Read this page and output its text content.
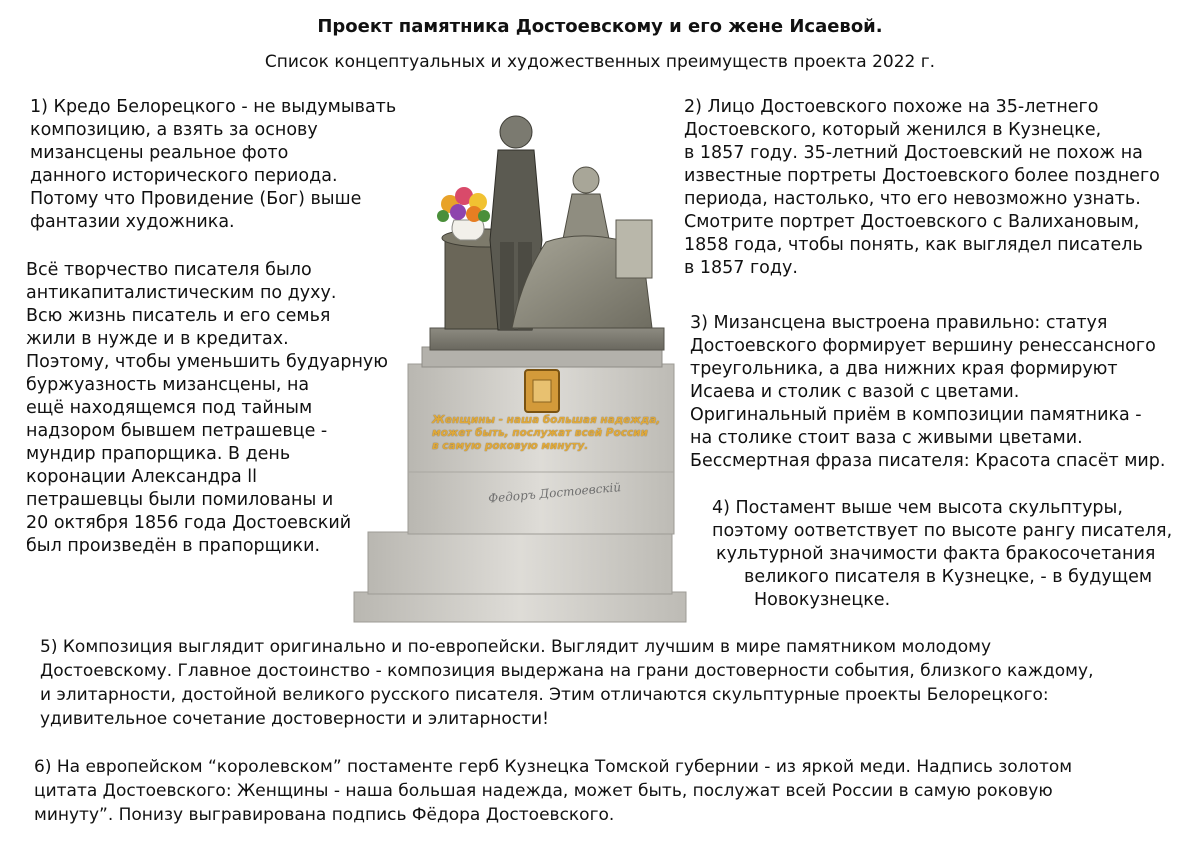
Проект памятника Достоевскому и его жене Исаевой.
Список концептуальных и художественных преимуществ проекта 2022 г.
1) Кредо Белорецкого - не выдумывать
композицию, а взять за основу
мизансцены реальное фото
данного исторического периода.
Потому что Провидение (Бог) выше
фантазии художника.
Всё творчество писателя было
антикапиталистическим по духу.
Всю жизнь писатель и его семья
жили в нужде и в кредитах.
Поэтому, чтобы уменьшить будуарную
буржуазность мизансцены, на
ещё находящемся под тайным
надзором бывшем петрашевце -
мундир прапорщика. В день
коронации Александра ll
петрашевцы были помилованы и
20 октября 1856 года Достоевский
был произведён в прапорщики.
Женщины - наша большая надежда,
может быть, послужат всей России
в самую роковую минуту.
Федоръ Достоевскій
2) Лицо Достоевского похоже на 35-летнего
Достоевского, который женился в Кузнецке,
в 1857 году. 35-летний Достоевский не похож на
известные портреты Достоевского более позднего
периода, настолько, что его невозможно узнать.
Смотрите портрет Достоевского с Валихановым,
1858 года, чтобы понять, как выглядел писатель
в 1857 году.
3) Мизансцена выстроена правильно: статуя
Достоевского формирует вершину ренессансного
треугольника, а два нижних края формируют
Исаева и столик с вазой с цветами.
Оригинальный приём в композиции памятника -
на столике стоит ваза с живыми цветами.
Бессмертная фраза писателя: Красота спасёт мир.
4) Постамент выше чем высота скульптуры,
поэтому оответствует по высоте рангу писателя,
культурной значимости факта бракосочетания
великого писателя в Кузнецке, - в будущем
Новокузнецке.
5) Композиция выглядит оригинально и по-европейски. Выглядит лучшим в мире памятником молодому
Достоевскому. Главное достоинство - композиция выдержана на грани достоверности события, близкого каждому,
и элитарности, достойной великого русского писателя. Этим отличаются скульптурные проекты Белорецкого:
удивительное сочетание достоверности и элитарности!
6) На европейском “королевском” постаменте герб Кузнецка Томской губернии - из яркой меди. Надпись золотом
цитата Достоевского: Женщины - наша большая надежда, может быть, послужат всей России в самую роковую
минуту”. Понизу выгравирована подпись Фёдора Достоевского.
